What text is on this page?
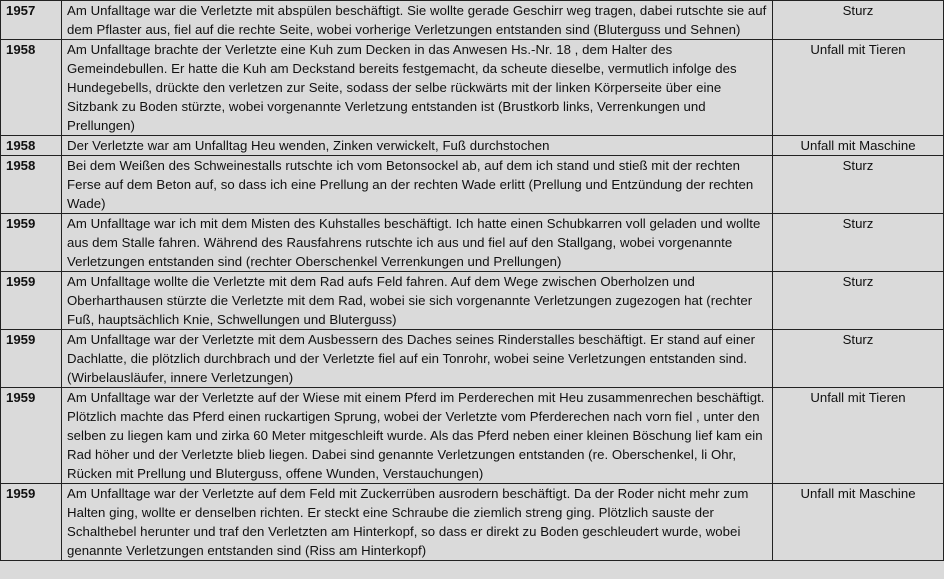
1957	Am Unfalltage war die Verletzte mit abspülen beschäftigt. Sie wollte gerade Geschirr weg tragen, dabei rutschte sie auf dem Pflaster aus, fiel auf die rechte Seite, wobei vorherige Verletzungen entstanden sind (Bluterguss und Sehnen)	Sturz
1958	Am Unfalltage brachte der Verletzte eine Kuh zum Decken in das Anwesen Hs.-Nr. 18 , dem Halter des Gemeindebullen. Er hatte die Kuh am Deckstand bereits festgemacht, da scheute dieselbe, vermutlich infolge des Hundegebells, drückte den verletzen zur Seite, sodass der selbe rückwärts mit der linken Körperseite über eine Sitzbank zu Boden stürzte, wobei vorgenannte Verletzung entstanden ist (Brustkorb links, Verrenkungen und Prellungen)	Unfall mit Tieren
1958	Der Verletzte war am Unfalltag Heu wenden, Zinken verwickelt, Fuß durchstochen	Unfall mit Maschine
1958	Bei dem Weißen des Schweinestalls rutschte ich vom Betonsockel ab, auf dem ich stand und stieß mit der rechten Ferse auf dem Beton auf, so dass ich eine Prellung an der rechten Wade erlitt (Prellung und Entzündung der rechten Wade)	Sturz
1959	Am Unfalltage war ich mit dem Misten des Kuhstalles beschäftigt. Ich hatte einen Schubkarren voll geladen und wollte aus dem Stalle fahren. Während des Rausfahrens rutschte ich aus und fiel auf den Stallgang, wobei vorgenannte Verletzungen entstanden sind (rechter Oberschenkel Verrenkungen und Prellungen)	Sturz
1959	Am Unfalltage wollte die Verletzte mit dem Rad aufs Feld fahren. Auf dem Wege zwischen Oberholzen und Oberharthausen stürzte die Verletzte mit dem Rad, wobei sie sich vorgenannte Verletzungen zugezogen hat (rechter Fuß, hauptsächlich Knie, Schwellungen und Bluterguss)	Sturz
1959	Am Unfalltage war der Verletzte mit dem Ausbessern des Daches seines Rinderstalles beschäftigt. Er stand auf einer Dachlatte, die plötzlich durchbrach und der Verletzte fiel auf ein Tonrohr, wobei seine Verletzungen entstanden sind. (Wirbelausläufer, innere Verletzungen)	Sturz
1959	Am Unfalltage war der Verletzte auf der Wiese mit einem Pferd im Perderechen mit Heu zusammenrechen beschäftigt. Plötzlich machte das Pferd einen ruckartigen Sprung, wobei der Verletzte vom Pferderechen nach vorn fiel , unter den selben zu liegen kam und zirka 60 Meter mitgeschleift wurde. Als das Pferd neben einer kleinen Böschung lief kam ein Rad höher und der Verletzte blieb liegen. Dabei sind genannte Verletzungen entstanden (re. Oberschenkel, li Ohr, Rücken mit Prellung und Bluterguss, offene Wunden, Verstauchungen)	Unfall mit Tieren
1959	Am Unfalltage war der Verletzte auf dem Feld mit Zuckerrüben ausrodern beschäftigt. Da der Roder nicht mehr zum Halten ging, wollte er denselben richten. Er steckt eine Schraube die ziemlich streng ging. Plötzlich sauste der Schalthebel herunter und traf den Verletzten am Hinterkopf, so dass er direkt zu Boden geschleudert wurde, wobei genannte Verletzungen entstanden sind (Riss am Hinterkopf)	Unfall mit Maschine
